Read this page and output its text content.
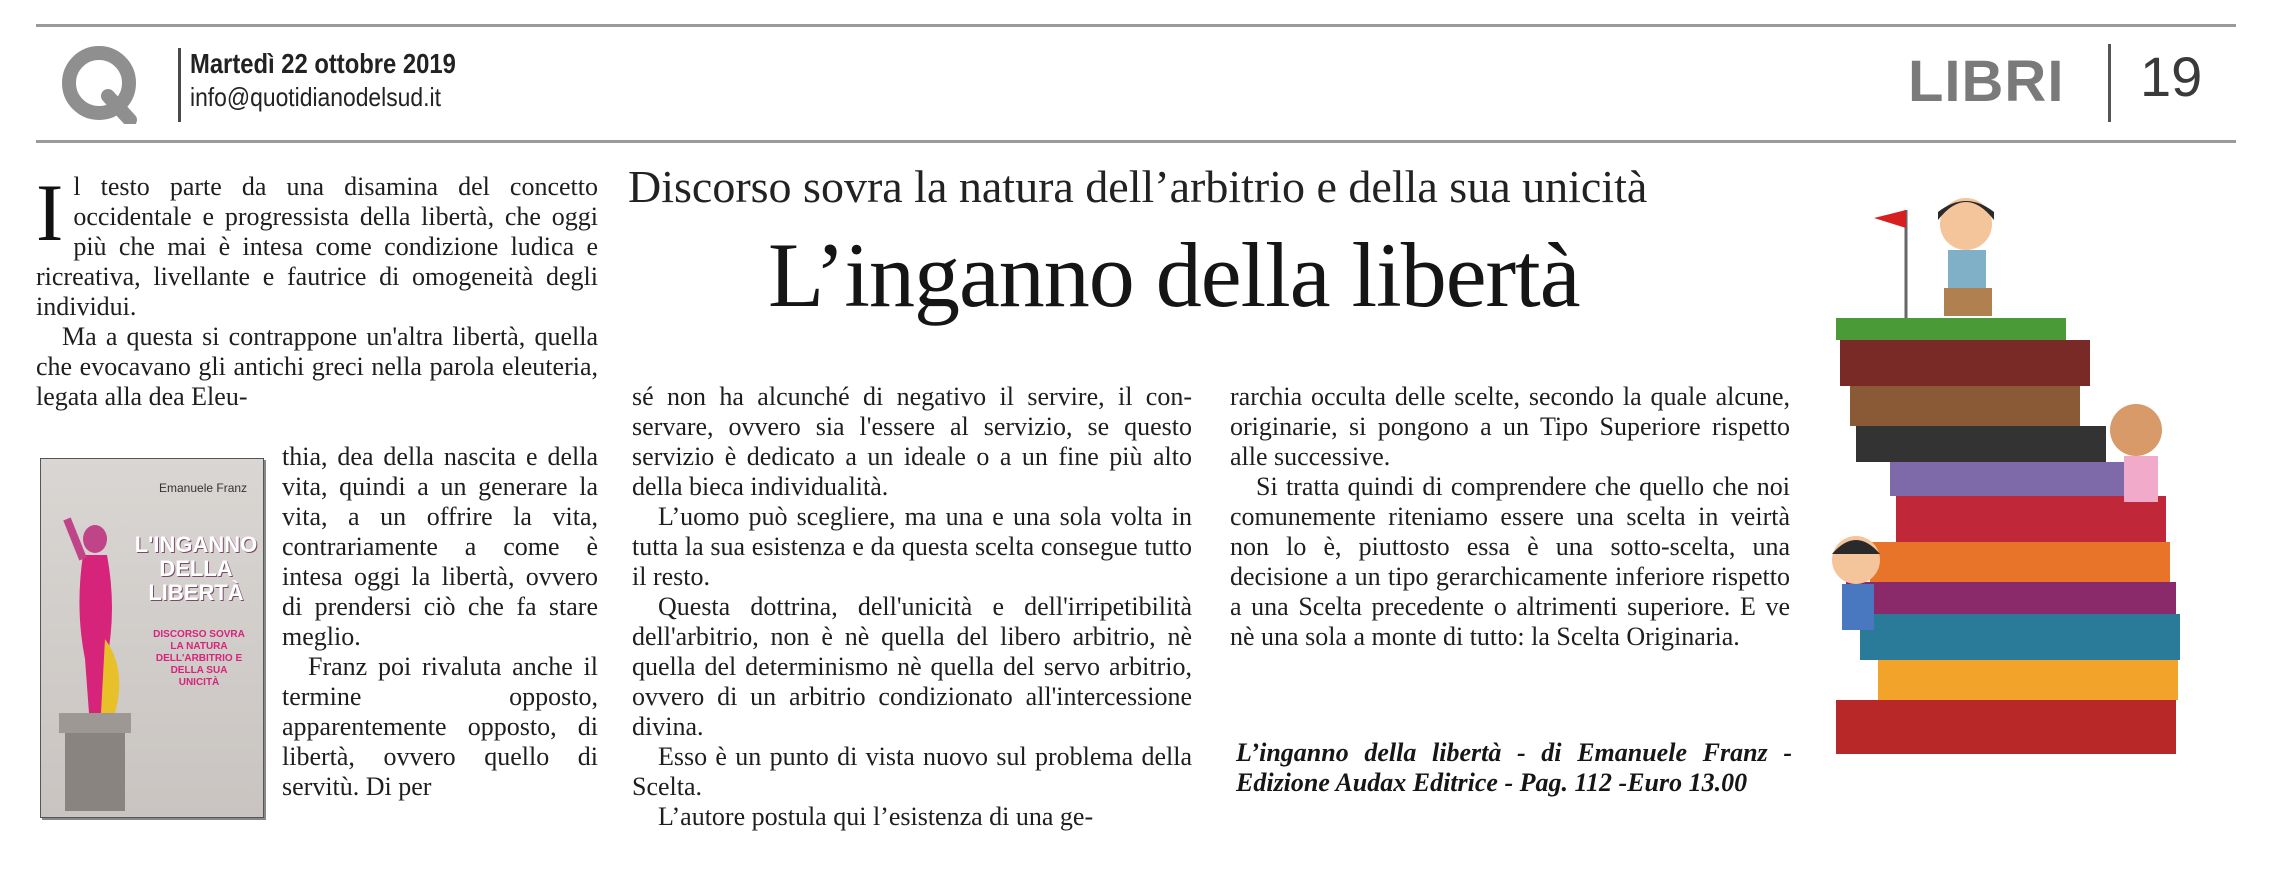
Martedì 22 ottobre 2019
info@quotidianodelsud.it	LIBRI 19
Discorso sovra la natura dell’arbitrio e della sua unicità
L’inganno della libertà

Il testo parte da una disamina del concetto occidentale e progressista della libertà, che oggi più che mai è intesa come condizione ludica e ricreativa, livellante e fautrice di omogeneità degli individui.

Ma a questa si contrappone un'altra libertà, quella che evocavano gli antichi greci nella parola eleuteria, legata alla dea Eleu-

Emanuele Franz
L'INGANNO DELLA LIBERTÀ
DISCORSO SOVRA LA NATURA DELL'ARBITRIO E DELLA SUA UNICITÀ

thia, dea della nascita e della vita, quindi a un generare la vita, a un offrire la vita, contrariamente a come è intesa oggi la libertà, ovvero di prendersi ciò che fa stare meglio.

Franz poi rivaluta anche il termine opposto, apparentemente opposto, di libertà, ovvero quello di servitù. Di per

sé non ha alcunché di negativo il servire, il con-servare, ovvero sia l'essere al servizio, se questo servizio è dedicato a un ideale o a un fine più alto della bieca individualità.

L’uomo può scegliere, ma una e una sola volta in tutta la sua esistenza e da questa scelta consegue tutto il resto.

Questa dottrina, dell'unicità e dell'irripetibilità dell'arbitrio, non è nè quella del libero arbitrio, nè quella del determinismo nè quella del servo arbitrio, ovvero di un arbitrio condizionato all'intercessione divina.

Esso è un punto di vista nuovo sul problema della Scelta.

L’autore postula qui l’esistenza di una ge-

rarchia occulta delle scelte, secondo la quale alcune, originarie, si pongono a un Tipo Superiore rispetto alle successive.

Si tratta quindi di comprendere che quello che noi comunemente riteniamo essere una scelta in veirtà non lo è, piuttosto essa è una sotto-scelta, una decisione a un tipo gerarchicamente inferiore rispetto a una Scelta precedente o altrimenti superiore. E ve nè una sola a monte di tutto: la Scelta Originaria.

L’inganno della libertà - di Emanuele Franz - Edizione Audax Editrice - Pag. 112 -Euro 13.00
